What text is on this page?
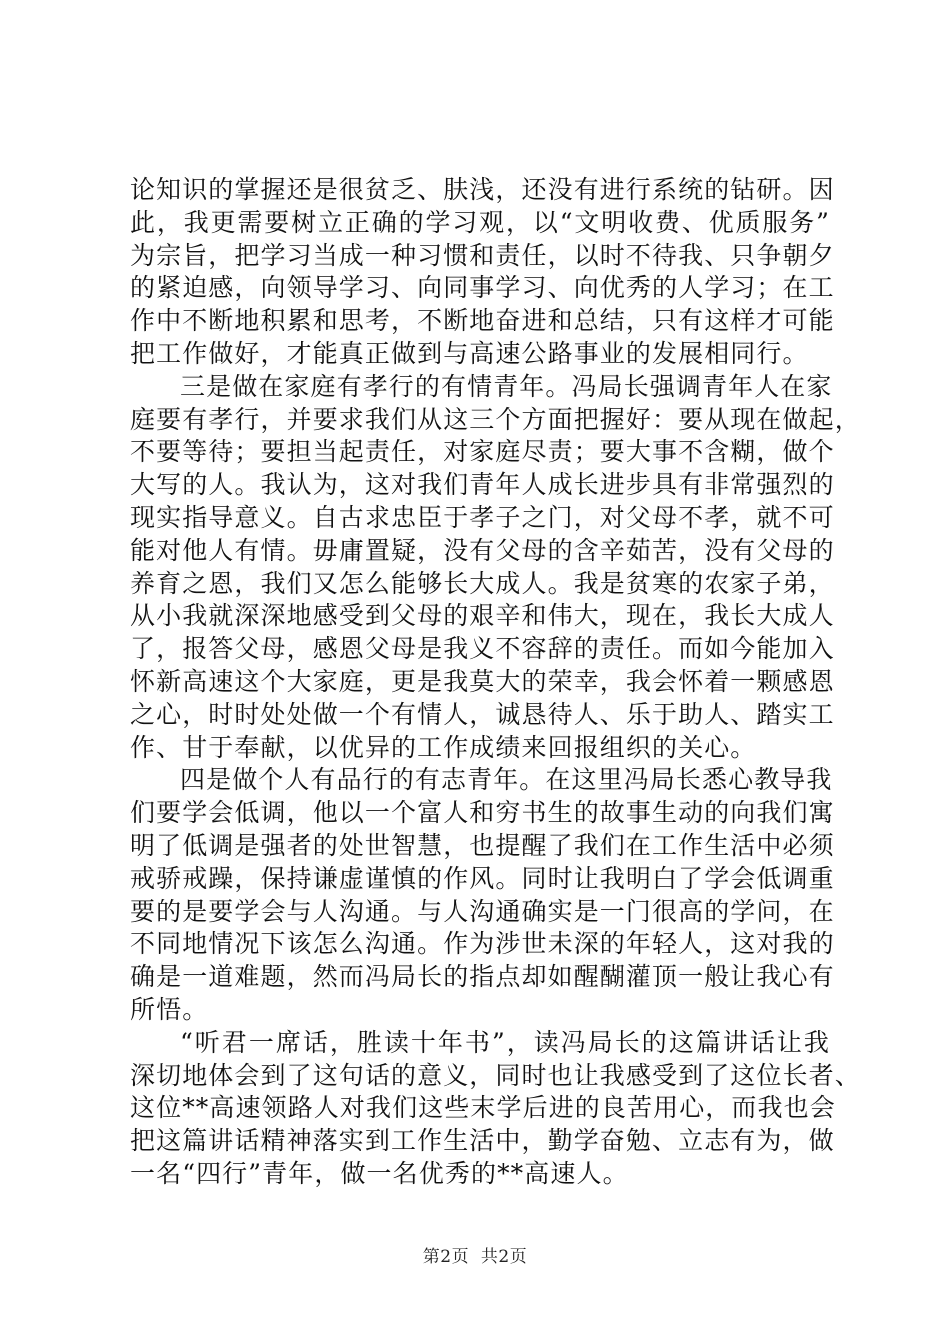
论知识的掌握还是很贫乏、肤浅，还没有进行系统的钻研。因
此，我更需要树立正确的学习观，以“文明收费、优质服务”
为宗旨，把学习当成一种习惯和责任，以时不待我、只争朝夕
的紧迫感，向领导学习、向同事学习、向优秀的人学习；在工
作中不断地积累和思考，不断地奋进和总结，只有这样才可能
把工作做好，才能真正做到与高速公路事业的发展相同行。
三是做在家庭有孝行的有情青年。冯局长强调青年人在家
庭要有孝行，并要求我们从这三个方面把握好：要从现在做起，
不要等待；要担当起责任，对家庭尽责；要大事不含糊，做个
大写的人。我认为，这对我们青年人成长进步具有非常强烈的
现实指导意义。自古求忠臣于孝子之门，对父母不孝，就不可
能对他人有情。毋庸置疑，没有父母的含辛茹苦，没有父母的
养育之恩，我们又怎么能够长大成人。我是贫寒的农家子弟，
从小我就深深地感受到父母的艰辛和伟大，现在，我长大成人
了，报答父母，感恩父母是我义不容辞的责任。而如今能加入
怀新高速这个大家庭，更是我莫大的荣幸，我会怀着一颗感恩
之心，时时处处做一个有情人，诚恳待人、乐于助人、踏实工
作、甘于奉献，以优异的工作成绩来回报组织的关心。
四是做个人有品行的有志青年。在这里冯局长悉心教导我
们要学会低调，他以一个富人和穷书生的故事生动的向我们寓
明了低调是强者的处世智慧，也提醒了我们在工作生活中必须
戒骄戒躁，保持谦虚谨慎的作风。同时让我明白了学会低调重
要的是要学会与人沟通。与人沟通确实是一门很高的学问，在
不同地情况下该怎么沟通。作为涉世未深的年轻人，这对我的
确是一道难题，然而冯局长的指点却如醒醐灌顶一般让我心有
所悟。
“听君一席话，胜读十年书”，读冯局长的这篇讲话让我
深切地体会到了这句话的意义，同时也让我感受到了这位长者、
这位**高速领路人对我们这些末学后进的良苦用心，而我也会
把这篇讲话精神落实到工作生活中，勤学奋勉、立志有为，做
一名“四行”青年，做一名优秀的**高速人。
第2页 共2页
